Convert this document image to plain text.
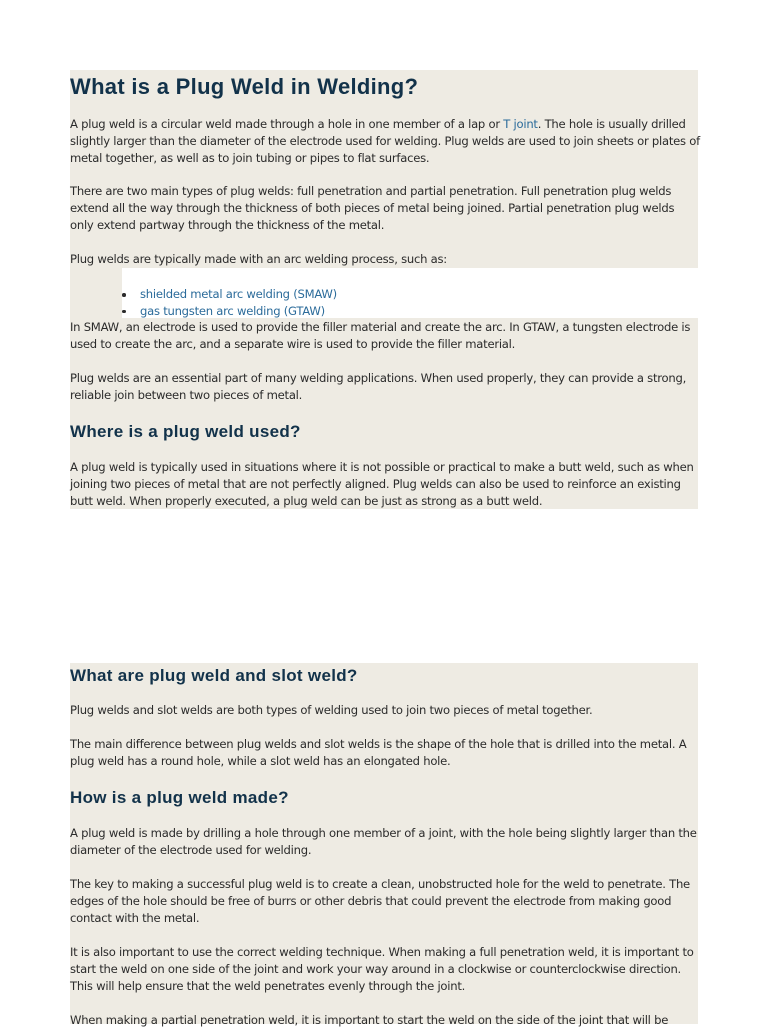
What is a Plug Weld in Welding?

A plug weld is a circular weld made through a hole in one member of a lap or T joint. The hole is usually drilled slightly larger than the diameter of the electrode used for welding. Plug welds are used to join sheets or plates of metal together, as well as to join tubing or pipes to flat surfaces.

There are two main types of plug welds: full penetration and partial penetration. Full penetration plug welds extend all the way through the thickness of both pieces of metal being joined. Partial penetration plug welds only extend partway through the thickness of the metal.

Plug welds are typically made with an arc welding process, such as:

shielded metal arc welding (SMAW)
gas tungsten arc welding (GTAW)

In SMAW, an electrode is used to provide the filler material and create the arc. In GTAW, a tungsten electrode is used to create the arc, and a separate wire is used to provide the filler material.

Plug welds are an essential part of many welding applications. When used properly, they can provide a strong, reliable join between two pieces of metal.

Where is a plug weld used?

A plug weld is typically used in situations where it is not possible or practical to make a butt weld, such as when joining two pieces of metal that are not perfectly aligned. Plug welds can also be used to reinforce an existing butt weld. When properly executed, a plug weld can be just as strong as a butt weld.

What are plug weld and slot weld?

Plug welds and slot welds are both types of welding used to join two pieces of metal together.

The main difference between plug welds and slot welds is the shape of the hole that is drilled into the metal. A plug weld has a round hole, while a slot weld has an elongated hole.

How is a plug weld made?

A plug weld is made by drilling a hole through one member of a joint, with the hole being slightly larger than the diameter of the electrode used for welding.

The key to making a successful plug weld is to create a clean, unobstructed hole for the weld to penetrate. The edges of the hole should be free of burrs or other debris that could prevent the electrode from making good contact with the metal.

It is also important to use the correct welding technique. When making a full penetration weld, it is important to start the weld on one side of the joint and work your way around in a clockwise or counterclockwise direction. This will help ensure that the weld penetrates evenly through the joint.

When making a partial penetration weld, it is important to start the weld on the side of the joint that will be
